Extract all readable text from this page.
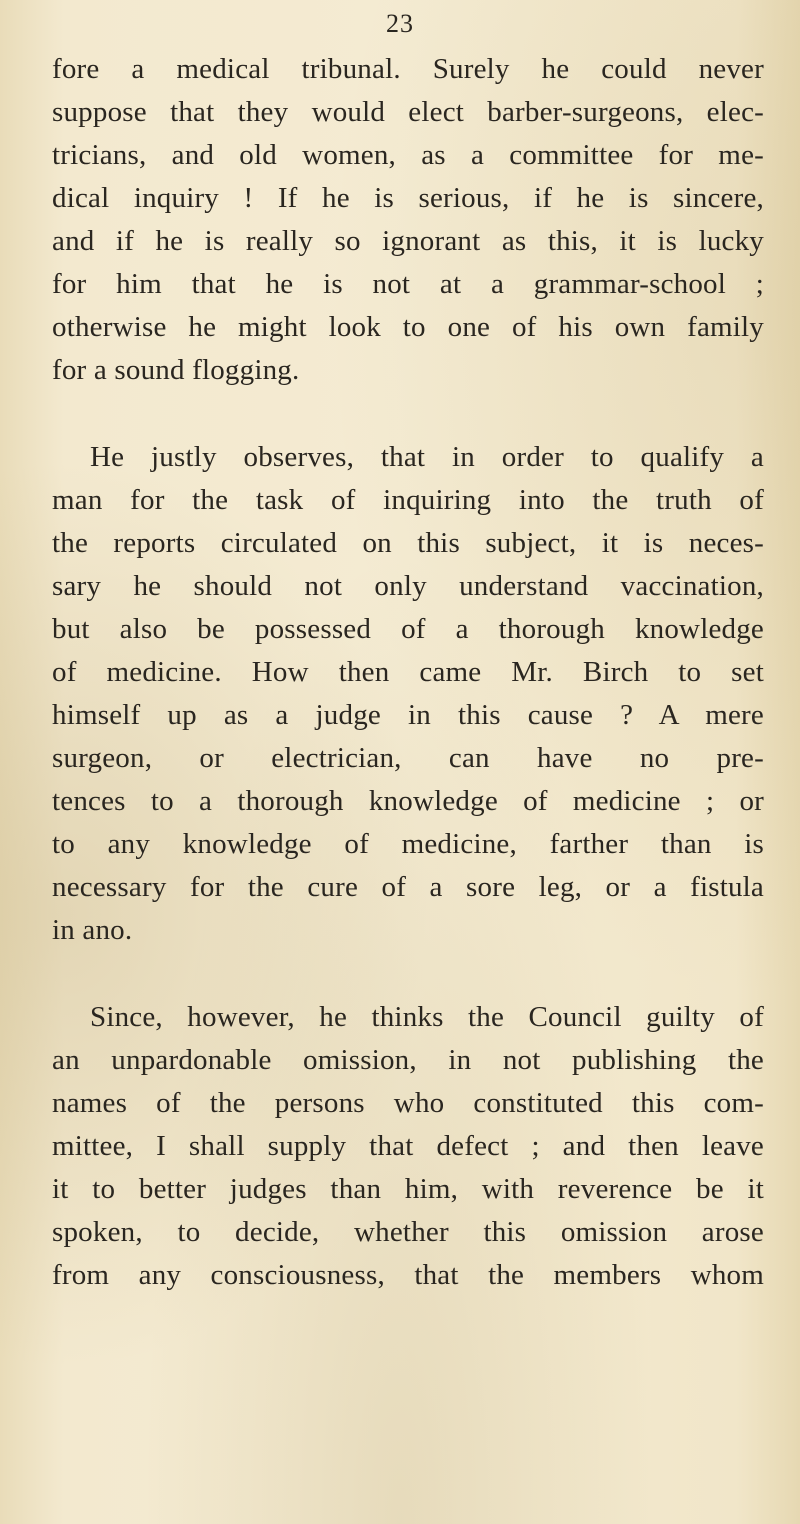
23
fore a medical tribunal. Surely he could never
suppose that they would elect barber-surgeons, elec-
tricians, and old women, as a committee for me-
dical inquiry ! If he is serious, if he is sincere,
and if he is really so ignorant as this, it is lucky
for him that he is not at a grammar-school ;
otherwise he might look to one of his own family
for a sound flogging.
He justly observes, that in order to qualify a
man for the task of inquiring into the truth of
the reports circulated on this subject, it is neces-
sary he should not only understand vaccination,
but also be possessed of a thorough knowledge
of medicine. How then came Mr. Birch to set
himself up as a judge in this cause ? A mere
surgeon, or electrician, can have no pre-
tences to a thorough knowledge of medicine ; or
to any knowledge of medicine, farther than is
necessary for the cure of a sore leg, or a fistula
in ano.
Since, however, he thinks the Council guilty of
an unpardonable omission, in not publishing the
names of the persons who constituted this com-
mittee, I shall supply that defect ; and then leave
it to better judges than him, with reverence be it
spoken, to decide, whether this omission arose
from any consciousness, that the members whom
